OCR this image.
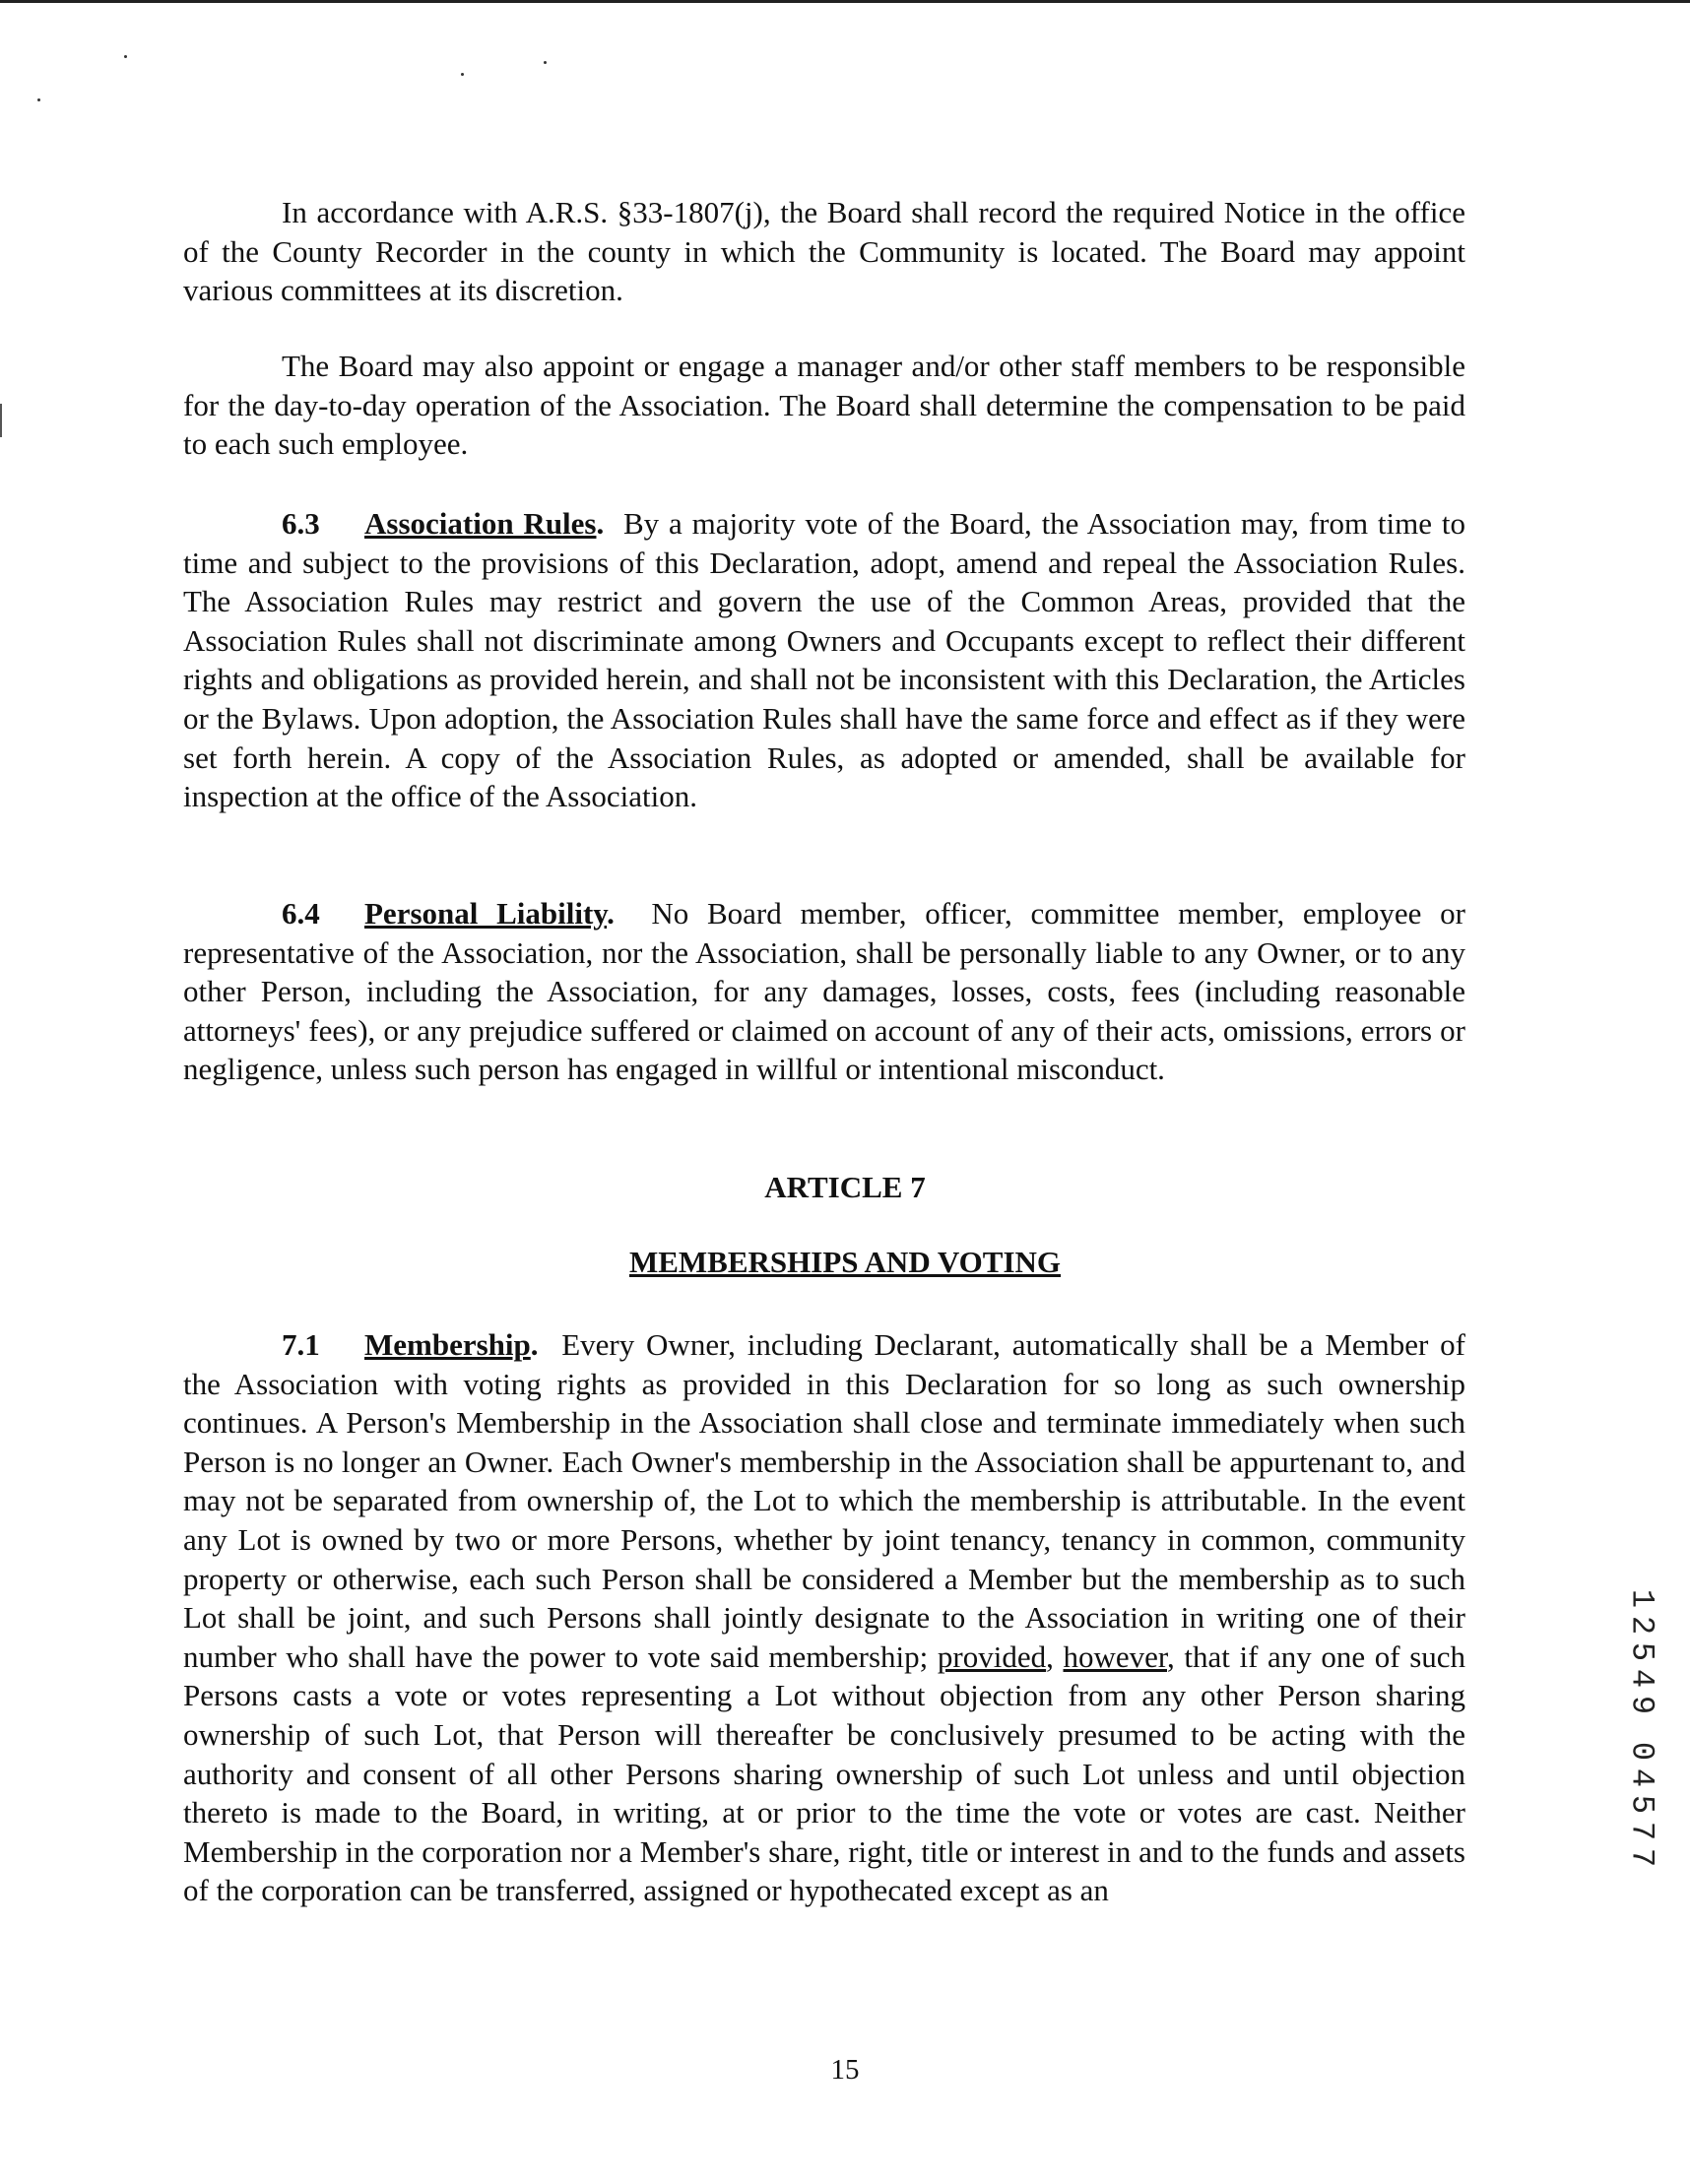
In accordance with A.R.S. §33-1807(j), the Board shall record the required Notice in the office of the County Recorder in the county in which the Community is located. The Board may appoint various committees at its discretion.

The Board may also appoint or engage a manager and/or other staff members to be responsible for the day-to-day operation of the Association. The Board shall determine the compensation to be paid to each such employee.

6.3 Association Rules. By a majority vote of the Board, the Association may, from time to time and subject to the provisions of this Declaration, adopt, amend and repeal the Association Rules. The Association Rules may restrict and govern the use of the Common Areas, provided that the Association Rules shall not discriminate among Owners and Occupants except to reflect their different rights and obligations as provided herein, and shall not be inconsistent with this Declaration, the Articles or the Bylaws. Upon adoption, the Association Rules shall have the same force and effect as if they were set forth herein. A copy of the Association Rules, as adopted or amended, shall be available for inspection at the office of the Association.

6.4 Personal Liability. No Board member, officer, committee member, employee or representative of the Association, nor the Association, shall be personally liable to any Owner, or to any other Person, including the Association, for any damages, losses, costs, fees (including reasonable attorneys' fees), or any prejudice suffered or claimed on account of any of their acts, omissions, errors or negligence, unless such person has engaged in willful or intentional misconduct.

ARTICLE 7
MEMBERSHIPS AND VOTING

7.1 Membership. Every Owner, including Declarant, automatically shall be a Member of the Association with voting rights as provided in this Declaration for so long as such ownership continues. A Person's Membership in the Association shall close and terminate immediately when such Person is no longer an Owner. Each Owner's membership in the Association shall be appurtenant to, and may not be separated from ownership of, the Lot to which the membership is attributable. In the event any Lot is owned by two or more Persons, whether by joint tenancy, tenancy in common, community property or otherwise, each such Person shall be considered a Member but the membership as to such Lot shall be joint, and such Persons shall jointly designate to the Association in writing one of their number who shall have the power to vote said membership; provided, however, that if any one of such Persons casts a vote or votes representing a Lot without objection from any other Person sharing ownership of such Lot, that Person will thereafter be conclusively presumed to be acting with the authority and consent of all other Persons sharing ownership of such Lot unless and until objection thereto is made to the Board, in writing, at or prior to the time the vote or votes are cast. Neither Membership in the corporation nor a Member's share, right, title or interest in and to the funds and assets of the corporation can be transferred, assigned or hypothecated except as an

15
1
2
5
4
9
0
4
5
7
7
